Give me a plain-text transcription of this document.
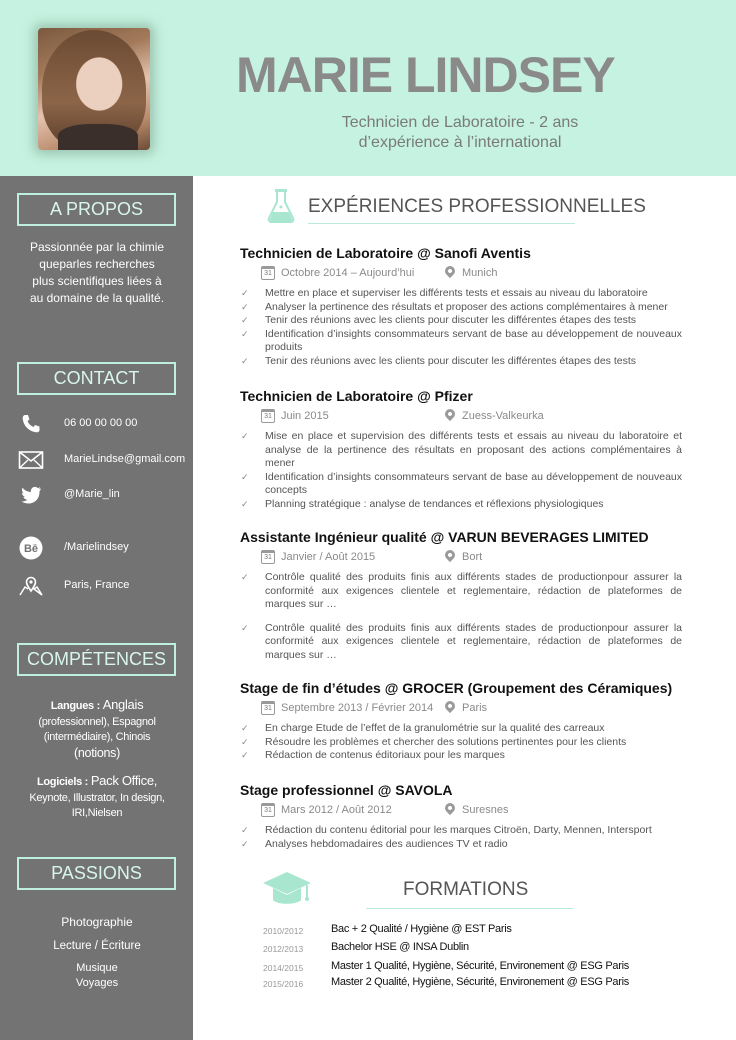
MARIE LINDSEY
Technicien de Laboratoire - 2 ans
d’expérience à l’international
A PROPOS
Passionnée par la chimie
queparles recherches
plus scientifiques liées à
au domaine de la qualité.
CONTACT
06 00 00 00 00
MarieLindse@gmail.com
@Marie_lin
Bē /Marielindsey
Paris, France
COMPÉTENCES
Langues : Anglais
(professionnel), Espagnol
(intermédiaire), Chinois
(notions)
Logiciels : Pack Office,
Keynote, Illustrator, In design,
IRI,Nielsen
PASSIONS
Photographie
Lecture / Écriture
Musique
Voyages
EXPÉRIENCES PROFESSIONNELLES
Technicien de Laboratoire @ Sanofi Aventis
31 Octobre 2014 – Aujourd’hui	Munich
✓ Mettre en place et superviser les différents tests et essais au niveau du laboratoire
✓ Analyser la pertinence des résultats et proposer des actions complémentaires à mener
✓ Tenir des réunions avec les clients pour discuter les différentes étapes des tests
✓ Identification d’insights consommateurs servant de base au développement de nouveaux produits
✓ Tenir des réunions avec les clients pour discuter les différentes étapes des tests
Technicien de Laboratoire @ Pfizer
31 Juin 2015	Zuess-Valkeurka
✓ Mise en place et supervision des différents tests et essais au niveau du laboratoire et analyse de la pertinence des résultats en proposant des actions complémentaires à mener
✓ Identification d’insights consommateurs servant de base au développement de nouveaux concepts
✓ Planning stratégique : analyse de tendances et réflexions physiologiques
Assistante Ingénieur qualité @ VARUN BEVERAGES LIMITED
31 Janvier / Août 2015	Bort
✓ Contrôle qualité des produits finis aux différents stades de productionpour assurer la conformité aux exigences clientele et reglementaire, rédaction de plateformes de marques sur …
✓ Contrôle qualité des produits finis aux différents stades de productionpour assurer la conformité aux exigences clientele et reglementaire, rédaction de plateformes de marques sur …
Stage de fin d’études @ GROCER (Groupement des Céramiques)
31 Septembre 2013 / Février 2014	Paris
✓ En charge Etude de l’effet de la granulométrie sur la qualité des carreaux
✓ Résoudre les problèmes et chercher des solutions pertinentes pour les clients
✓ Rédaction de contenus éditoriaux pour les marques
Stage professionnel @ SAVOLA
31 Mars 2012 / Août 2012	Suresnes
✓ Rédaction du contenu éditorial pour les marques Citroën, Darty, Mennen, Intersport
✓ Analyses hebdomadaires des audiences TV et radio
FORMATIONS
2010/2012	Bac + 2 Qualité / Hygiène @ EST Paris
2012/2013	Bachelor HSE @ INSA Dublin
2014/2015	Master 1 Qualité, Hygiène, Sécurité, Environement @ ESG Paris
2015/2016	Master 2 Qualité, Hygiène, Sécurité, Environement @ ESG Paris
